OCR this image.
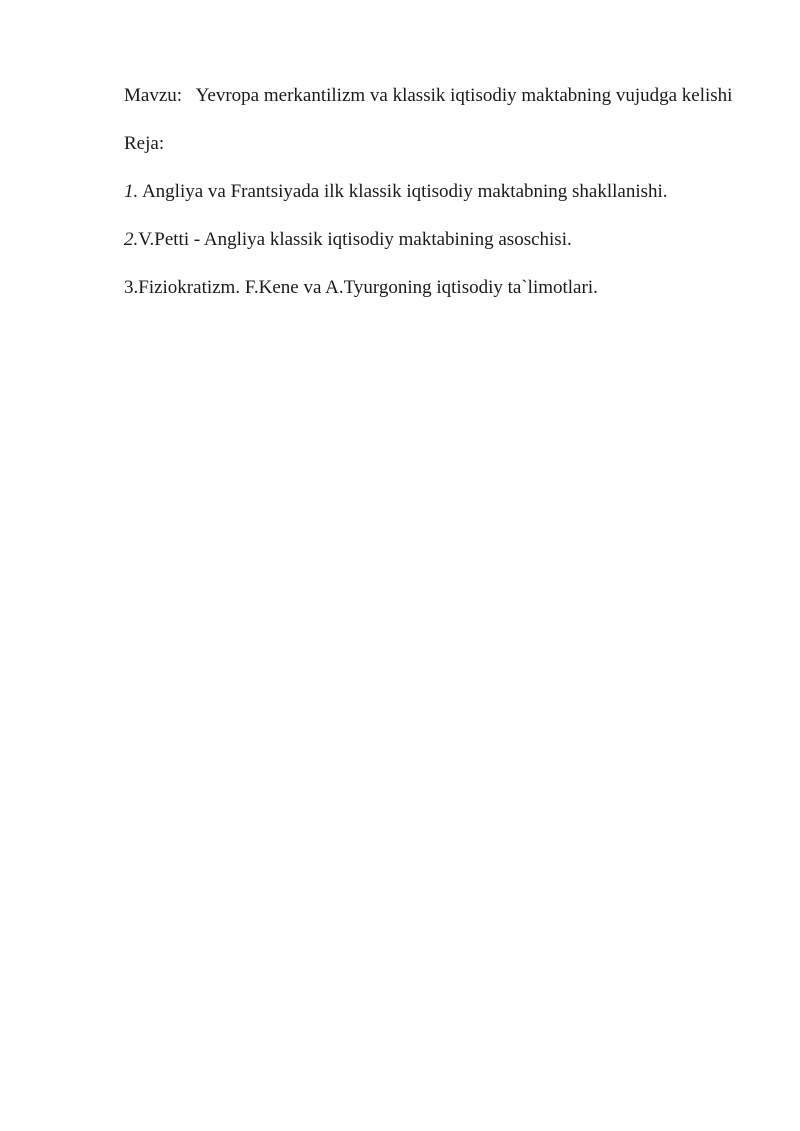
Mavzu: Yevropa merkantilizm va klassik iqtisodiy maktabning vujudga kelishi

Reja:

1. Angliya va Frantsiyada ilk klassik iqtisodiy maktabning shakllanishi.

2.V.Petti - Angliya klassik iqtisodiy maktabining asoschisi.

3.Fiziokratizm. F.Kene va A.Tyurgoning iqtisodiy ta`limotlari.
